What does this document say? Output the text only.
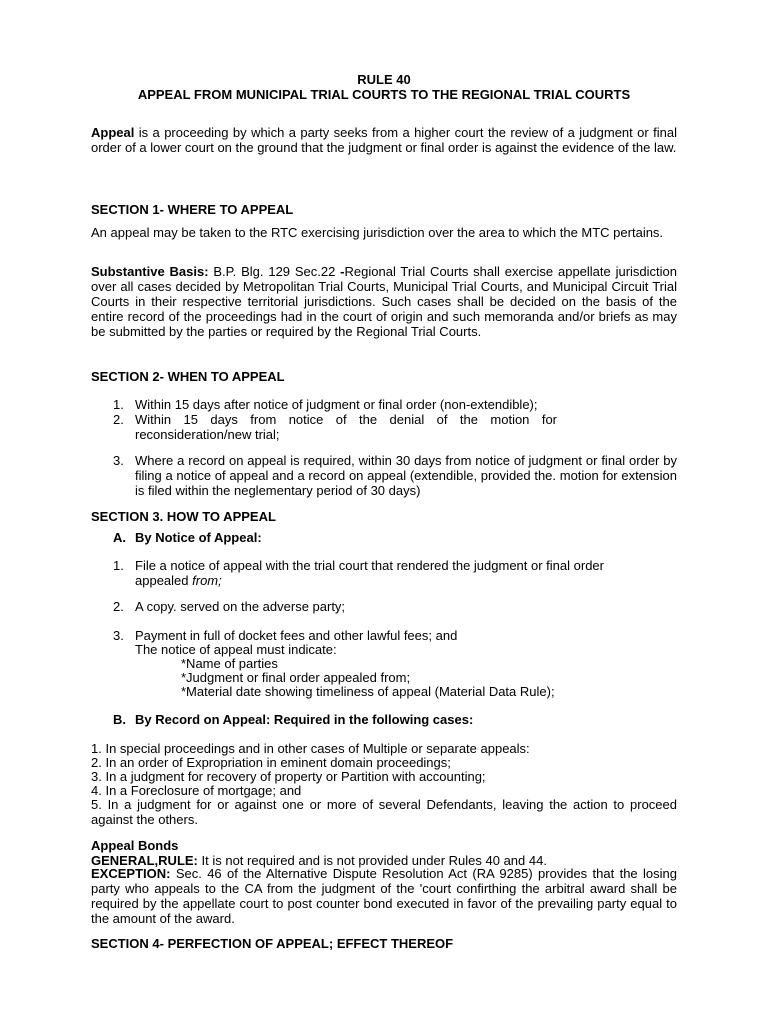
RULE 40
APPEAL FROM MUNICIPAL TRIAL COURTS TO THE REGIONAL TRIAL COURTS
Appeal is a proceeding by which a party seeks from a higher court the review of a judgment or final order of a lower court on the ground that the judgment or final order is against the evidence of the law.
SECTION 1- WHERE TO APPEAL
An appeal may be taken to the RTC exercising jurisdiction over the area to which the MTC pertains.
Substantive Basis: B.P. Blg. 129 Sec.22 -Regional Trial Courts shall exercise appellate jurisdiction over all cases decided by Metropolitan Trial Courts, Municipal Trial Courts, and Municipal Circuit Trial Courts in their respective territorial jurisdictions. Such cases shall be decided on the basis of the entire record of the proceedings had in the court of origin and such memoranda and/or briefs as may be submitted by the parties or required by the Regional Trial Courts.
SECTION 2- WHEN TO APPEAL
1. Within 15 days after notice of judgment or final order (non-extendible);
2. Within 15 days from notice of the denial of the motion for reconsideration/new trial;
3. Where a record on appeal is required, within 30 days from notice of judgment or final order by filing a notice of appeal and a record on appeal (extendible, provided the. motion for extension is filed within the neglementary period of 30 days)
SECTION 3. HOW TO APPEAL
A. By Notice of Appeal:
1. File a notice of appeal with the trial court that rendered the judgment or final order appealed from;
2. A copy. served on the adverse party;
3. Payment in full of docket fees and other lawful fees; and
The notice of appeal must indicate:
*Name of parties
*Judgment or final order appealed from;
*Material date showing timeliness of appeal (Material Data Rule);
B. By Record on Appeal: Required in the following cases:
1. In special proceedings and in other cases of Multiple or separate appeals:
2. In an order of Expropriation in eminent domain proceedings;
3. In a judgment for recovery of property or Partition with accounting;
4. In a Foreclosure of mortgage; and
5. In a judgment for or against one or more of several Defendants, leaving the action to proceed against the others.
Appeal Bonds
GENERAL,RULE: It is not required and is not provided under Rules 40 and 44.
EXCEPTION: Sec. 46 of the Alternative Dispute Resolution Act (RA 9285) provides that the losing party who appeals to the CA from the judgment of the 'court confirthing the arbitral award shall be required by the appellate court to post counter bond executed in favor of the prevailing party equal to the amount of the award.
SECTION 4- PERFECTION OF APPEAL; EFFECT THEREOF
